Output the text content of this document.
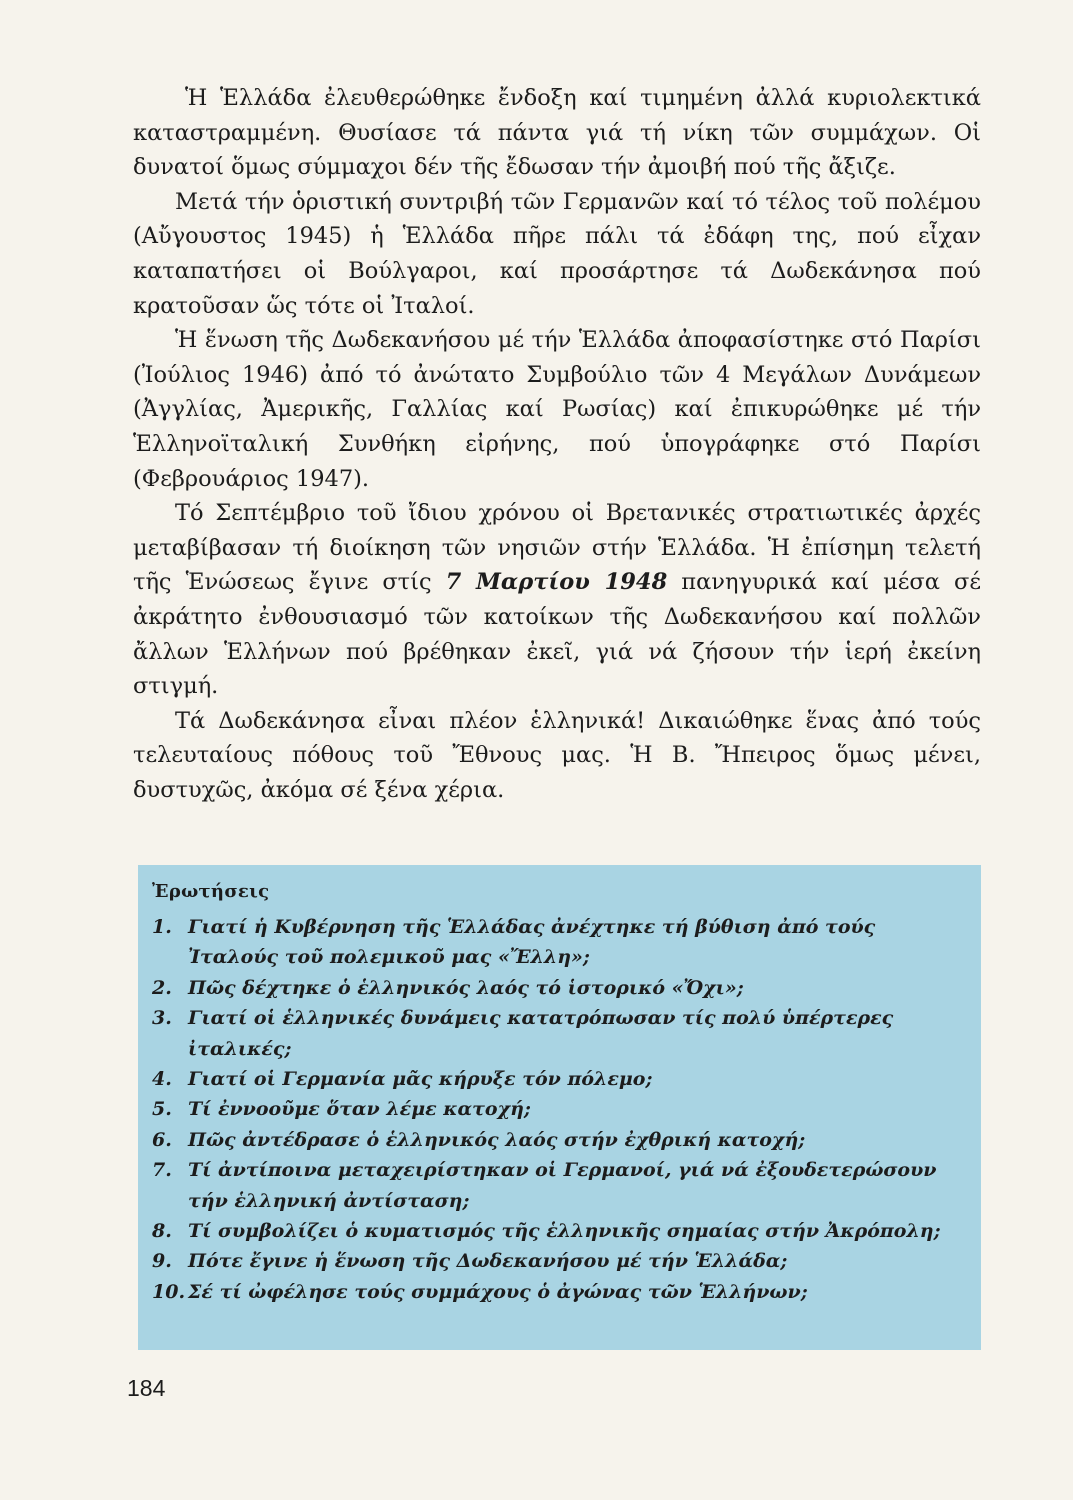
Ἡ Ἑλλάδα ἐλευθερώθηκε ἔνδοξη καί τιμημένη ἀλλά κυριολεκτικά καταστραμμένη. Θυσίασε τά πάντα γιά τή νίκη τῶν συμμάχων. Οἱ δυνατοί ὅμως σύμμαχοι δέν τῆς ἔδωσαν τήν ἀμοιβή πού τῆς ἄξιζε.

Μετά τήν ὁριστική συντριβή τῶν Γερμανῶν καί τό τέλος τοῦ πολέμου (Αὔγουστος 1945) ἡ Ἑλλάδα πῆρε πάλι τά ἐδάφη της, πού εἶχαν καταπατήσει οἱ Βούλγαροι, καί προσάρτησε τά Δωδεκάνησα πού κρατοῦσαν ὥς τότε οἱ Ἰταλοί.

Ἡ ἕνωση τῆς Δωδεκανήσου μέ τήν Ἑλλάδα ἀποφασίστηκε στό Παρίσι (Ἰούλιος 1946) ἀπό τό ἀνώτατο Συμβούλιο τῶν 4 Μεγάλων Δυνάμεων (Ἀγγλίας, Ἀμερικῆς, Γαλλίας καί Ρωσίας) καί ἐπικυρώθηκε μέ τήν Ἑλληνοϊταλική Συνθήκη εἰρήνης, πού ὑπογράφηκε στό Παρίσι (Φεβρουάριος 1947).

Τό Σεπτέμβριο τοῦ ἴδιου χρόνου οἱ Βρετανικές στρατιωτικές ἀρχές μεταβίβασαν τή διοίκηση τῶν νησιῶν στήν Ἑλλάδα. Ἡ ἐπίσημη τελετή τῆς Ἑνώσεως ἔγινε στίς 7 Μαρτίου 1948 πανηγυρικά καί μέσα σέ ἀκράτητο ἐνθουσιασμό τῶν κατοίκων τῆς Δωδεκανήσου καί πολλῶν ἄλλων Ἑλλήνων πού βρέθηκαν ἐκεῖ, γιά νά ζήσουν τήν ἱερή ἐκείνη στιγμή.

Τά Δωδεκάνησα εἶναι πλέον ἑλληνικά! Δικαιώθηκε ἕνας ἀπό τούς τελευταίους πόθους τοῦ Ἔθνους μας. Ἡ Β. Ἤπειρος ὅμως μένει, δυστυχῶς, ἀκόμα σέ ξένα χέρια.

Ἐρωτήσεις
1. Γιατί ἡ Κυβέρνηση τῆς Ἑλλάδας ἀνέχτηκε τή βύθιση ἀπό τούς Ἰταλούς τοῦ πολεμικοῦ μας «Ἔλλη»;
2. Πῶς δέχτηκε ὁ ἑλληνικός λαός τό ἱστορικό «Ὄχι»;
3. Γιατί οἱ ἑλληνικές δυνάμεις κατατρόπωσαν τίς πολύ ὑπέρτερες ἰταλικές;
4. Γιατί οἱ Γερμανία μᾶς κήρυξε τόν πόλεμο;
5. Τί ἐννοοῦμε ὅταν λέμε κατοχή;
6. Πῶς ἀντέδρασε ὁ ἑλληνικός λαός στήν ἐχθρική κατοχή;
7. Τί ἀντίποινα μεταχειρίστηκαν οἱ Γερμανοί, γιά νά ἐξουδετερώσουν τήν ἑλληνική ἀντίσταση;
8. Τί συμβολίζει ὁ κυματισμός τῆς ἑλληνικῆς σημαίας στήν Ἀκρόπολη;
9. Πότε ἔγινε ἡ ἕνωση τῆς Δωδεκανήσου μέ τήν Ἑλλάδα;
10. Σέ τί ὠφέλησε τούς συμμάχους ὁ ἀγώνας τῶν Ἑλλήνων;
184
